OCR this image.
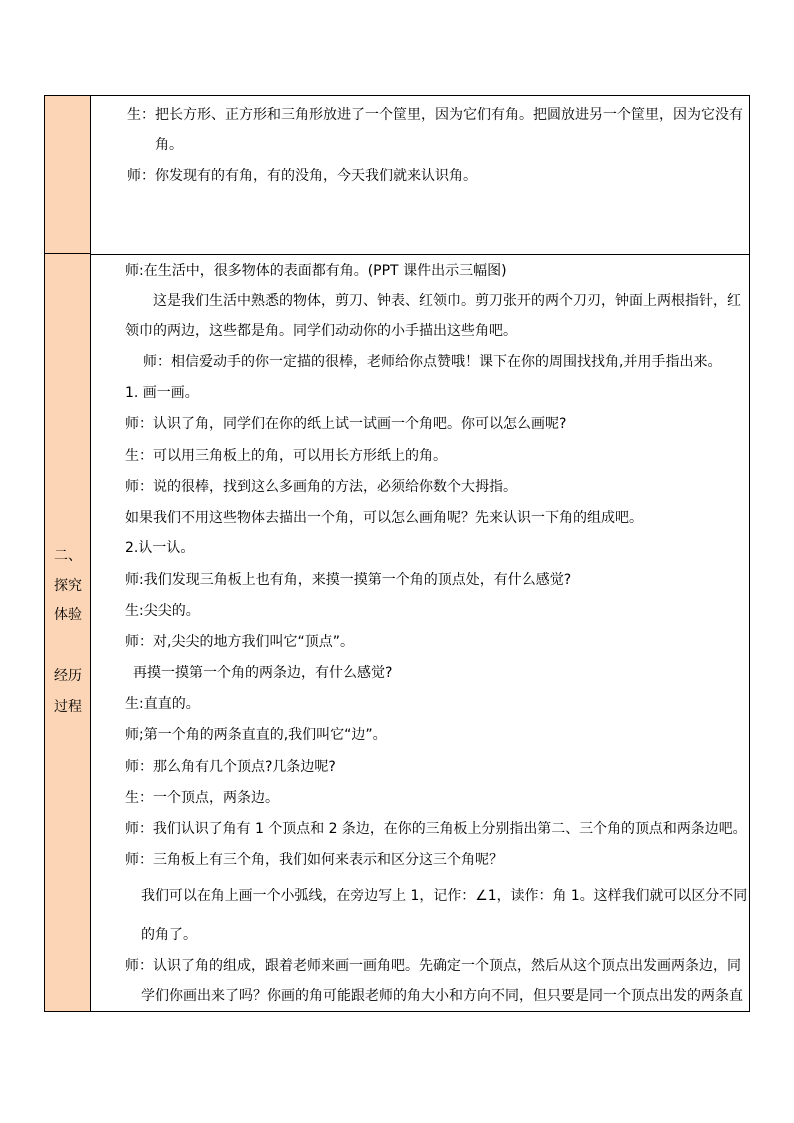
二、
探究
体验
经历
过程
生：把长方形、正方形和三角形放进了一个筐里，因为它们有角。把圆放进另一个筐里，因为它没有
角。
师：你发现有的有角，有的没角，今天我们就来认识角。
师:在生活中，很多物体的表面都有角。(PPT 课件出示三幅图)
这是我们生活中熟悉的物体，剪刀、钟表、红领巾。剪刀张开的两个刀刃，钟面上两根指针，红
领巾的两边，这些都是角。同学们动动你的小手描出这些角吧。
师：相信爱动手的你一定描的很棒，老师给你点赞哦！课下在你的周围找找角,并用手指出来。
1. 画一画。
师：认识了角，同学们在你的纸上试一试画一个角吧。你可以怎么画呢?
生：可以用三角板上的角，可以用长方形纸上的角。
师：说的很棒，找到这么多画角的方法，必须给你数个大拇指。
如果我们不用这些物体去描出一个角，可以怎么画角呢？先来认识一下角的组成吧。
2.认一认。
师:我们发现三角板上也有角，来摸一摸第一个角的顶点处，有什么感觉?
生:尖尖的。
师：对,尖尖的地方我们叫它“顶点”。
再摸一摸第一个角的两条边，有什么感觉?
生:直直的。
师;第一个角的两条直直的,我们叫它“边”。
师：那么角有几个顶点?几条边呢?
生：一个顶点，两条边。
师：我们认识了角有 1 个顶点和 2 条边，在你的三角板上分别指出第二、三个角的顶点和两条边吧。
师：三角板上有三个角，我们如何来表示和区分这三个角呢？
我们可以在角上画一个小弧线，在旁边写上 1，记作：∠1，读作：角 1。这样我们就可以区分不同
的角了。
师：认识了角的组成，跟着老师来画一画角吧。先确定一个顶点，然后从这个顶点出发画两条边，同
学们你画出来了吗？你画的角可能跟老师的角大小和方向不同，但只要是同一个顶点出发的两条直
